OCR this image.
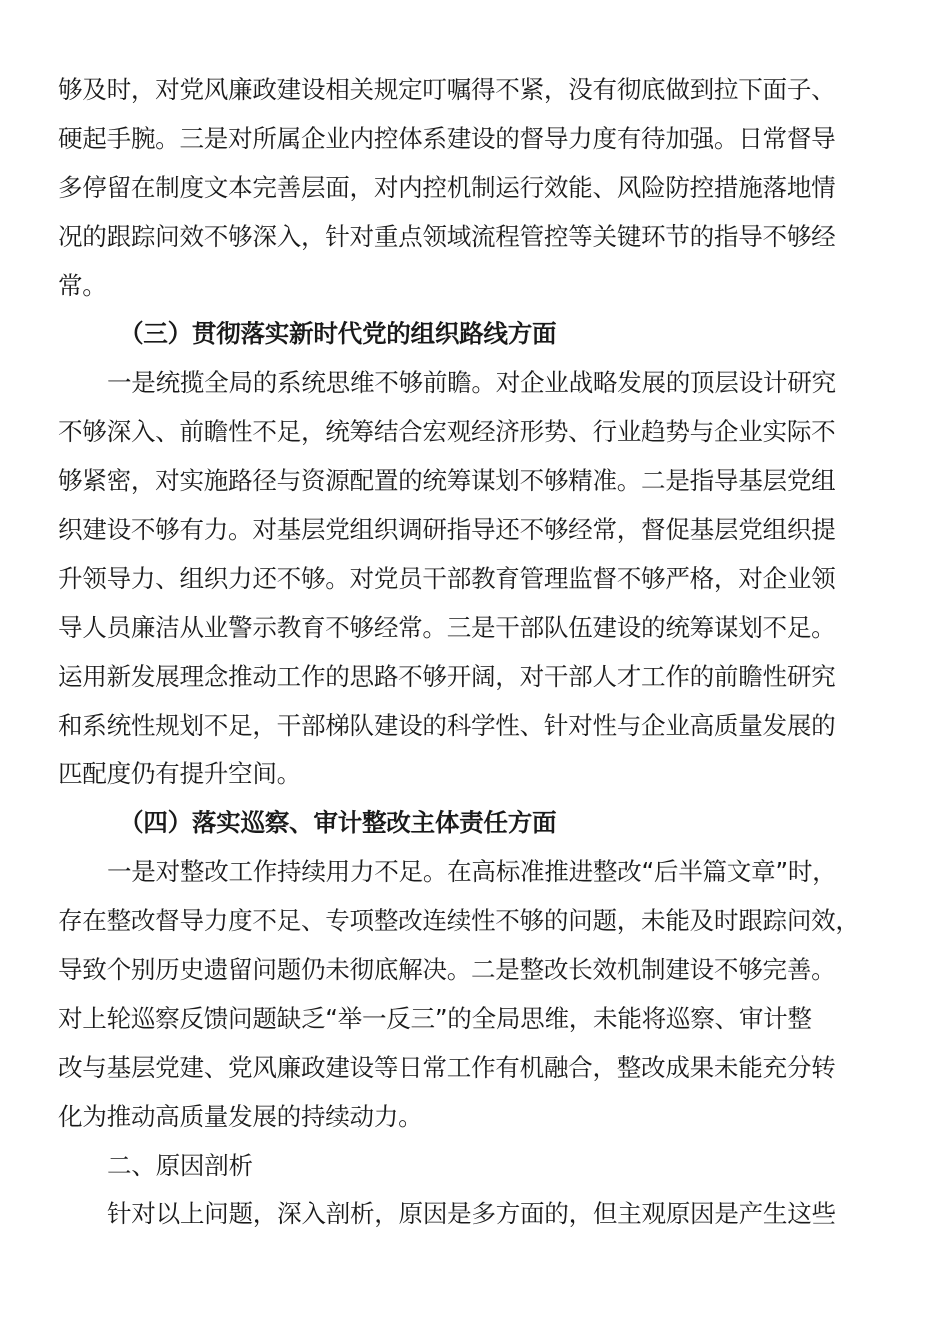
够及时，对党风廉政建设相关规定叮嘱得不紧，没有彻底做到拉下面子、
硬起手腕。三是对所属企业内控体系建设的督导力度有待加强。日常督导
多停留在制度文本完善层面，对内控机制运行效能、风险防控措施落地情
况的跟踪问效不够深入，针对重点领域流程管控等关键环节的指导不够经
常。
（三）贯彻落实新时代党的组织路线方面
一是统揽全局的系统思维不够前瞻。对企业战略发展的顶层设计研究
不够深入、前瞻性不足，统筹结合宏观经济形势、行业趋势与企业实际不
够紧密，对实施路径与资源配置的统筹谋划不够精准。二是指导基层党组
织建设不够有力。对基层党组织调研指导还不够经常，督促基层党组织提
升领导力、组织力还不够。对党员干部教育管理监督不够严格，对企业领
导人员廉洁从业警示教育不够经常。三是干部队伍建设的统筹谋划不足。
运用新发展理念推动工作的思路不够开阔，对干部人才工作的前瞻性研究
和系统性规划不足，干部梯队建设的科学性、针对性与企业高质量发展的
匹配度仍有提升空间。
（四）落实巡察、审计整改主体责任方面
一是对整改工作持续用力不足。在高标准推进整改“后半篇文章”时，
存在整改督导力度不足、专项整改连续性不够的问题，未能及时跟踪问效，
导致个别历史遗留问题仍未彻底解决。二是整改长效机制建设不够完善。
对上轮巡察反馈问题缺乏“举一反三”的全局思维，未能将巡察、审计整
改与基层党建、党风廉政建设等日常工作有机融合，整改成果未能充分转
化为推动高质量发展的持续动力。
二、原因剖析
针对以上问题，深入剖析，原因是多方面的，但主观原因是产生这些
